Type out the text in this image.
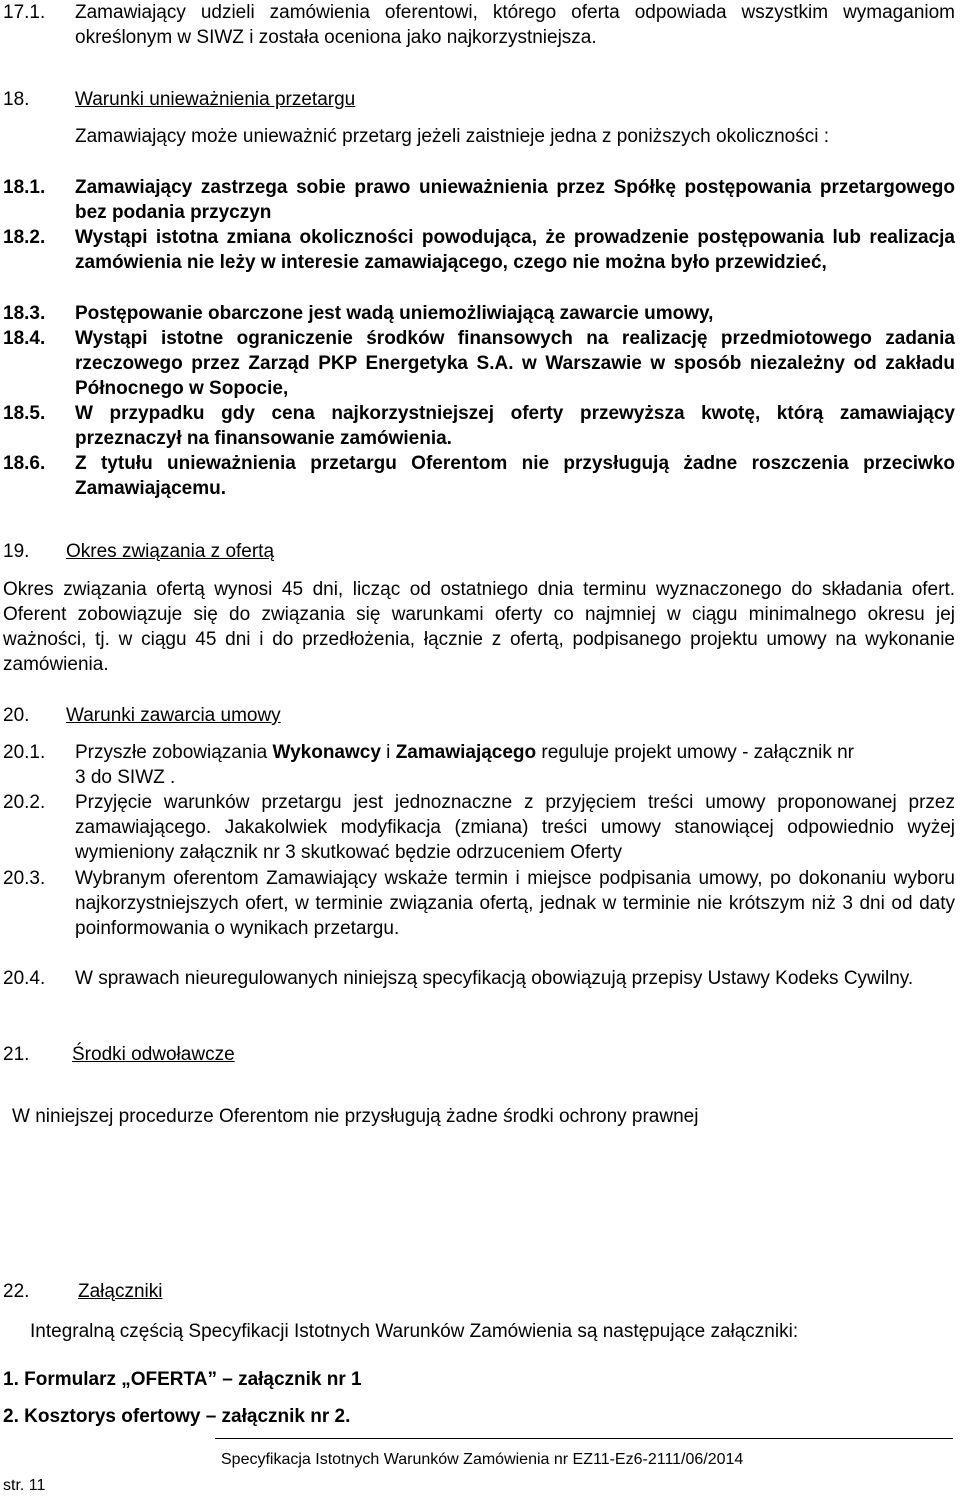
17.1. Zamawiający udzieli zamówienia oferentowi, którego oferta odpowiada wszystkim wymaganiom określonym w SIWZ i została oceniona jako najkorzystniejsza.
18. Warunki unieważnienia przetargu
Zamawiający może unieważnić przetarg jeżeli zaistnieje jedna z poniższych okoliczności :
18.1. Zamawiający zastrzega sobie prawo unieważnienia przez Spółkę postępowania przetargowego bez podania przyczyn
18.2. Wystąpi istotna zmiana okoliczności powodująca, że prowadzenie postępowania lub realizacja zamówienia nie leży w interesie zamawiającego, czego nie można było przewidzieć,
18.3. Postępowanie obarczone jest wadą uniemożliwiającą zawarcie umowy,
18.4. Wystąpi istotne ograniczenie środków finansowych na realizację przedmiotowego zadania rzeczowego przez Zarząd PKP Energetyka S.A. w Warszawie w sposób niezależny od zakładu Północnego w Sopocie,
18.5. W przypadku gdy cena najkorzystniejszej oferty przewyższa kwotę, którą zamawiający przeznaczył na finansowanie zamówienia.
18.6. Z tytułu unieważnienia przetargu Oferentom nie przysługują żadne roszczenia przeciwko Zamawiającemu.
19. Okres związania z ofertą
Okres związania ofertą wynosi 45 dni, licząc od ostatniego dnia terminu wyznaczonego do składania ofert. Oferent zobowiązuje się do związania się warunkami oferty co najmniej w ciągu minimalnego okresu jej ważności, tj. w ciągu 45 dni i do przedłożenia, łącznie z ofertą, podpisanego projektu umowy na wykonanie zamówienia.
20. Warunki zawarcia umowy
20.1. Przyszłe zobowiązania Wykonawcy i Zamawiającego reguluje projekt umowy - załącznik nr 3 do SIWZ .
20.2. Przyjęcie warunków przetargu jest jednoznaczne z przyjęciem treści umowy proponowanej przez zamawiającego. Jakakolwiek modyfikacja (zmiana) treści umowy stanowiącej odpowiednio wyżej wymieniony załącznik nr 3 skutkować będzie odrzuceniem Oferty
20.3. Wybranym oferentom Zamawiający wskaże termin i miejsce podpisania umowy, po dokonaniu wyboru najkorzystniejszych ofert, w terminie związania ofertą, jednak w terminie nie krótszym niż 3 dni od daty poinformowania o wynikach przetargu.
20.4. W sprawach nieuregulowanych niniejszą specyfikacją obowiązują przepisy Ustawy Kodeks Cywilny.
21. Środki odwoławcze
W niniejszej procedurze Oferentom nie przysługują żadne środki ochrony prawnej
22.	Załączniki
Integralną częścią Specyfikacji Istotnych Warunków Zamówienia są następujące załączniki:
1. Formularz „OFERTA” – załącznik nr 1
2. Kosztorys ofertowy – załącznik nr 2.
Specyfikacja Istotnych Warunków Zamówienia nr EZ11-Ez6-2111/06/2014
str. 11
